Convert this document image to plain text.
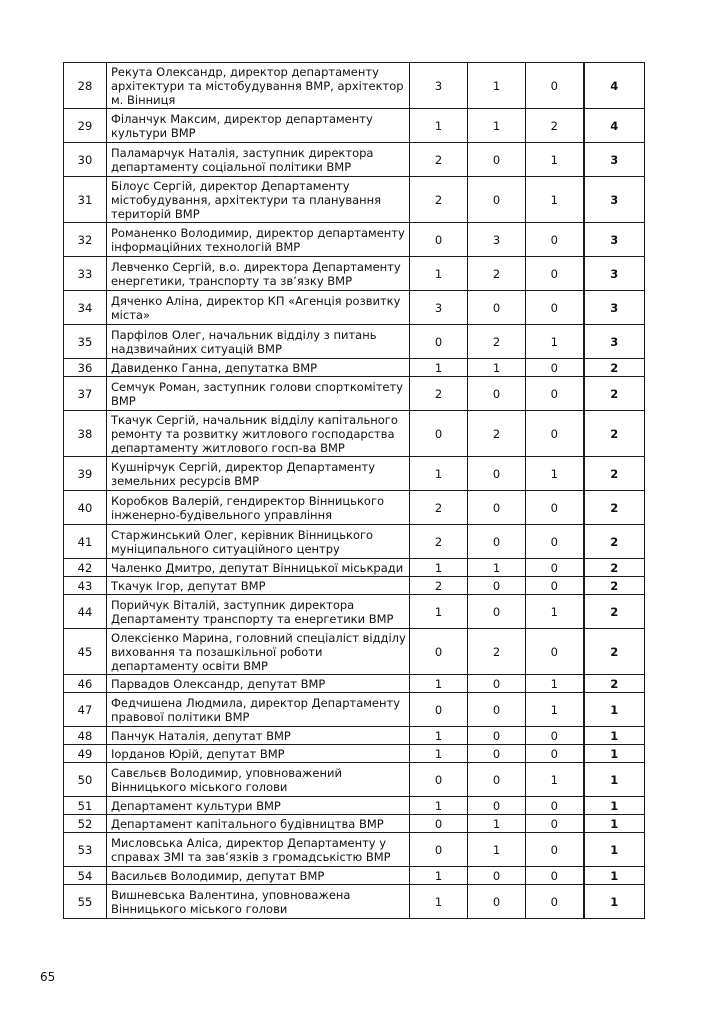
28	Рекута Олександр, директор департаменту архітектури та містобудування ВМР, архітектор м. Вінниця	3	1	0	4
29	Філанчук Максим, директор департаменту культури ВМР	1	1	2	4
30	Паламарчук Наталія, заступник директора департаменту соціальної політики ВМР	2	0	1	3
31	Білоус Сергій, директор Департаменту містобудування, архітектури та планування територій ВМР	2	0	1	3
32	Романенко Володимир, директор департаменту інформаційних технологій ВМР	0	3	0	3
33	Левченко Сергій, в.о. директора Департаменту енергетики, транспорту та зв’язку ВМР	1	2	0	3
34	Дяченко Аліна, директор КП «Агенція розвитку міста»	3	0	0	3
35	Парфілов Олег, начальник відділу з питань надзвичайних ситуацій ВМР	0	2	1	3
36	Давиденко Ганна, депутатка ВМР	1	1	0	2
37	Семчук Роман, заступник голови спорткомітету ВМР	2	0	0	2
38	Ткачук Сергій, начальник відділу капітального ремонту та розвитку житлового господарства департаменту житлового госп-ва ВМР	0	2	0	2
39	Кушнірчук Сергій, директор Департаменту земельних ресурсів ВМР	1	0	1	2
40	Коробков Валерій, гендиректор Вінницького інженерно-будівельного управління	2	0	0	2
41	Старжинський Олег, керівник Вінницького муніципального ситуаційного центру	2	0	0	2
42	Чаленко Дмитро, депутат Вінницької міськради	1	1	0	2
43	Ткачук Ігор, депутат ВМР	2	0	0	2
44	Порийчук Віталій, заступник директора Департаменту транспорту та енергетики ВМР	1	0	1	2
45	Олексієнко Марина, головний спеціаліст відділу виховання та позашкільної роботи департаменту освіти ВМР	0	2	0	2
46	Парвадов Олександр, депутат ВМР	1	0	1	2
47	Федчишена Людмила, директор Департаменту правової політики ВМР	0	0	1	1
48	Панчук Наталія, депутат ВМР	1	0	0	1
49	Іорданов Юрій, депутат ВМР	1	0	0	1
50	Савєльєв Володимир, уповноважений Вінницького міського голови	0	0	1	1
51	Департамент культури ВМР	1	0	0	1
52	Департамент капітального будівництва ВМР	0	1	0	1
53	Мисловська Аліса, директор Департаменту у справах ЗМІ та зав’язків з громадськістю ВМР	0	1	0	1
54	Васильєв Володимир, депутат ВМР	1	0	0	1
55	Вишневська Валентина, уповноважена Вінницького міського голови	1	0	0	1
65
